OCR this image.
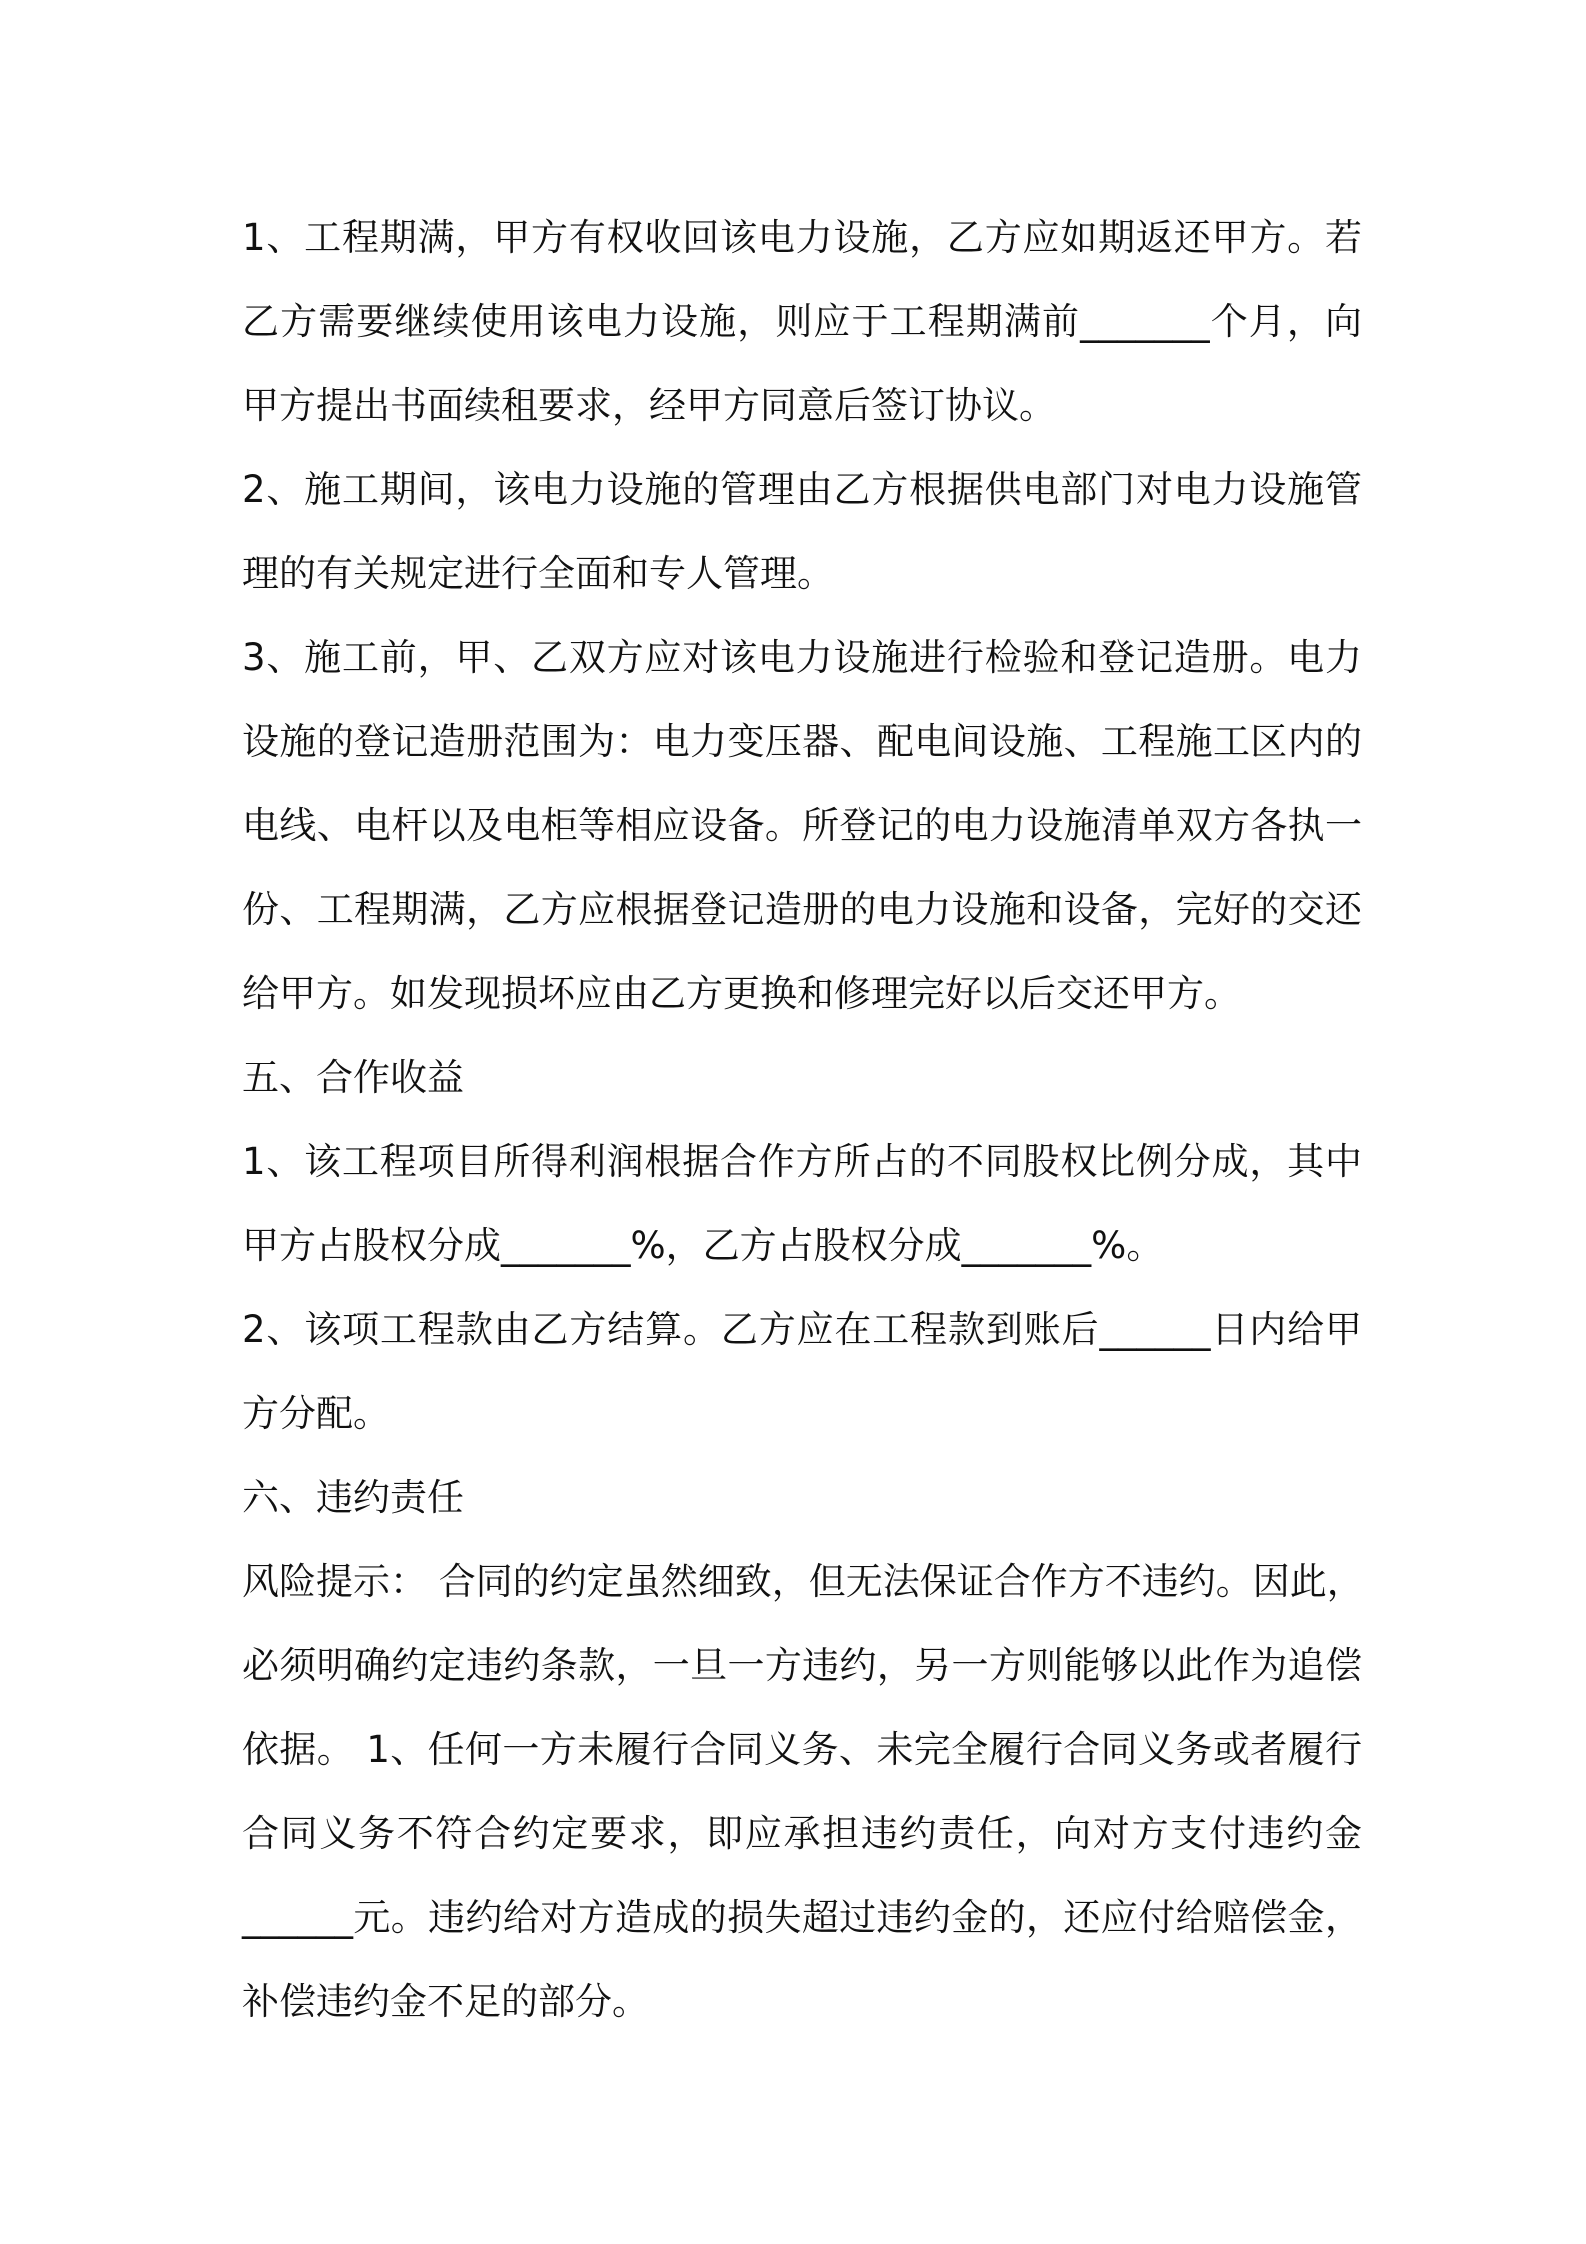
1、工程期满，甲方有权收回该电力设施，乙方应如期返还甲方。若
乙方需要继续使用该电力设施，则应于工程期满前_______个月，向
甲方提出书面续租要求，经甲方同意后签订协议。
2、施工期间，该电力设施的管理由乙方根据供电部门对电力设施管
理的有关规定进行全面和专人管理。
3、施工前，甲、乙双方应对该电力设施进行检验和登记造册。电力
设施的登记造册范围为：电力变压器、配电间设施、工程施工区内的
电线、电杆以及电柜等相应设备。所登记的电力设施清单双方各执一
份、工程期满，乙方应根据登记造册的电力设施和设备，完好的交还
给甲方。如发现损坏应由乙方更换和修理完好以后交还甲方。
五、合作收益
1、该工程项目所得利润根据合作方所占的不同股权比例分成，其中
甲方占股权分成_______%，乙方占股权分成_______%。
2、该项工程款由乙方结算。乙方应在工程款到账后______日内给甲
方分配。
六、违约责任
风险提示： 合同的约定虽然细致，但无法保证合作方不违约。因此，
必须明确约定违约条款，一旦一方违约，另一方则能够以此作为追偿
依据。 1、任何一方未履行合同义务、未完全履行合同义务或者履行
合同义务不符合约定要求，即应承担违约责任，向对方支付违约金
______元。违约给对方造成的损失超过违约金的，还应付给赔偿金，
补偿违约金不足的部分。
